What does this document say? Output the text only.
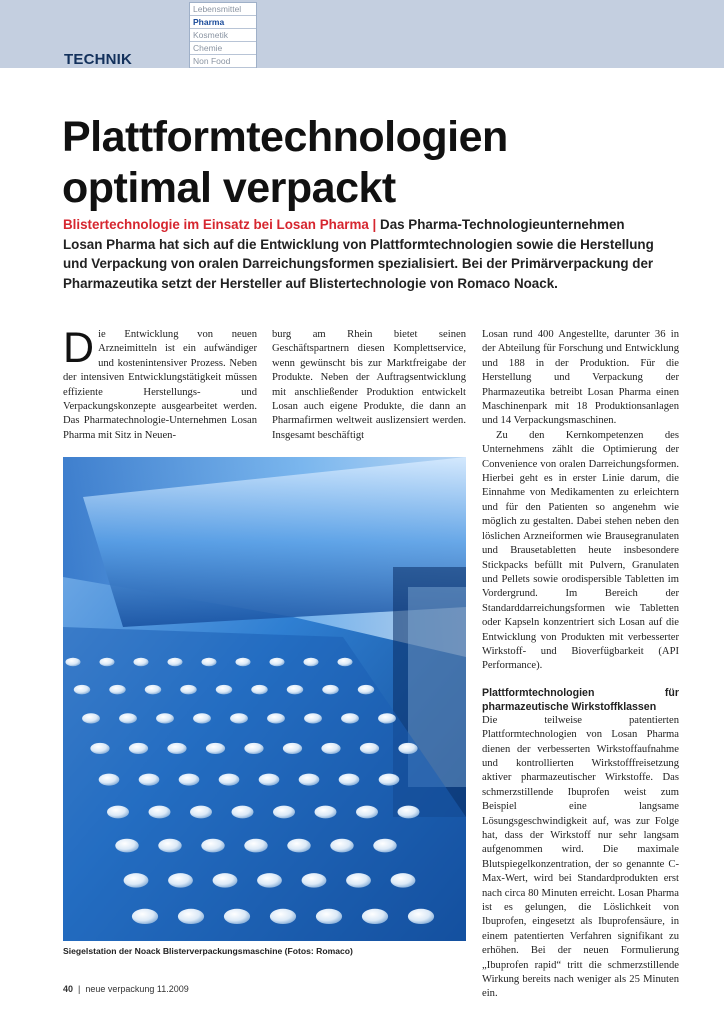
Lebensmittel
Pharma
Kosmetik
Chemie
Non Food
TECHNIK
Plattformtechnologien
optimal verpackt
Blistertechnologie im Einsatz bei Losan Pharma | Das Pharma-Technologieunternehmen Losan Pharma hat sich auf die Entwicklung von Plattformtechnologien sowie die Herstellung und Verpackung von oralen Darreichungsformen spezialisiert. Bei der Primärverpackung der Pharmazeutika setzt der Hersteller auf Blistertechnologie von Romaco Noack.
Die Entwicklung von neuen Arzneimitteln ist ein aufwändiger und kostenintensiver Prozess. Neben der intensiven Entwicklungstätigkeit müssen effiziente Herstellungs- und Verpackungskonzepte ausgearbeitet werden. Das Pharmatechnologie-Unternehmen Losan Pharma mit Sitz in Neuen-
burg am Rhein bietet seinen Geschäftspartnern diesen Komplettservice, wenn gewünscht bis zur Marktfreigabe der Produkte. Neben der Auftragsentwicklung mit anschließender Produktion entwickelt Losan auch eigene Produkte, die dann an Pharmafirmen weltweit auslizensiert werden. Insgesamt beschäftigt

Losan rund 400 Angestellte, darunter 36 in der Abteilung für Forschung und Entwicklung und 188 in der Produktion. Für die Herstellung und Verpackung der Pharmazeutika betreibt Losan Pharma einen Maschinenpark mit 18 Produktionsanlagen und 14 Verpackungsmaschinen.

Zu den Kernkompetenzen des Unternehmens zählt die Optimierung der Convenience von oralen Darreichungsformen. Hierbei geht es in erster Linie darum, die Einnahme von Medikamenten zu erleichtern und für den Patienten so angenehm wie möglich zu gestalten. Dabei stehen neben den löslichen Arzneiformen wie Brausegranulaten und Brausetabletten heute insbesondere Stickpacks befüllt mit Pulvern, Granulaten und Pellets sowie orodispersible Tabletten im Vordergrund. Im Bereich der Standarddarreichungsformen wie Tabletten oder Kapseln konzentriert sich Losan auf die Entwicklung von Produkten mit verbesserter Wirkstoff- und Bioverfügbarkeit (API Performance).

Plattformtechnologien für pharmazeutische Wirkstoffklassen

Die teilweise patentierten Plattformtechnologien von Losan Pharma dienen der verbesserten Wirkstoffaufnahme und kontrollierten Wirkstofffreisetzung aktiver pharmazeutischer Wirkstoffe. Das schmerzstillende Ibuprofen weist zum Beispiel eine langsame Lösungsgeschwindigkeit auf, was zur Folge hat, dass der Wirkstoff nur sehr langsam aufgenommen wird. Die maximale Blutspiegelkonzentration, der so genannte C-Max-Wert, wird bei Standardprodukten erst nach circa 80 Minuten erreicht. Losan Pharma ist es gelungen, die Löslichkeit von Ibuprofen, eingesetzt als Ibuprofensäure, in einem patentierten Verfahren signifikant zu erhöhen. Bei der neuen Formulierung „Ibuprofen rapid“ tritt die schmerzstillende Wirkung bereits nach weniger als 25 Minuten ein.

Siegelstation der Noack Blisterverpackungsmaschine (Fotos: Romaco)
40 | neue verpackung 11.2009
